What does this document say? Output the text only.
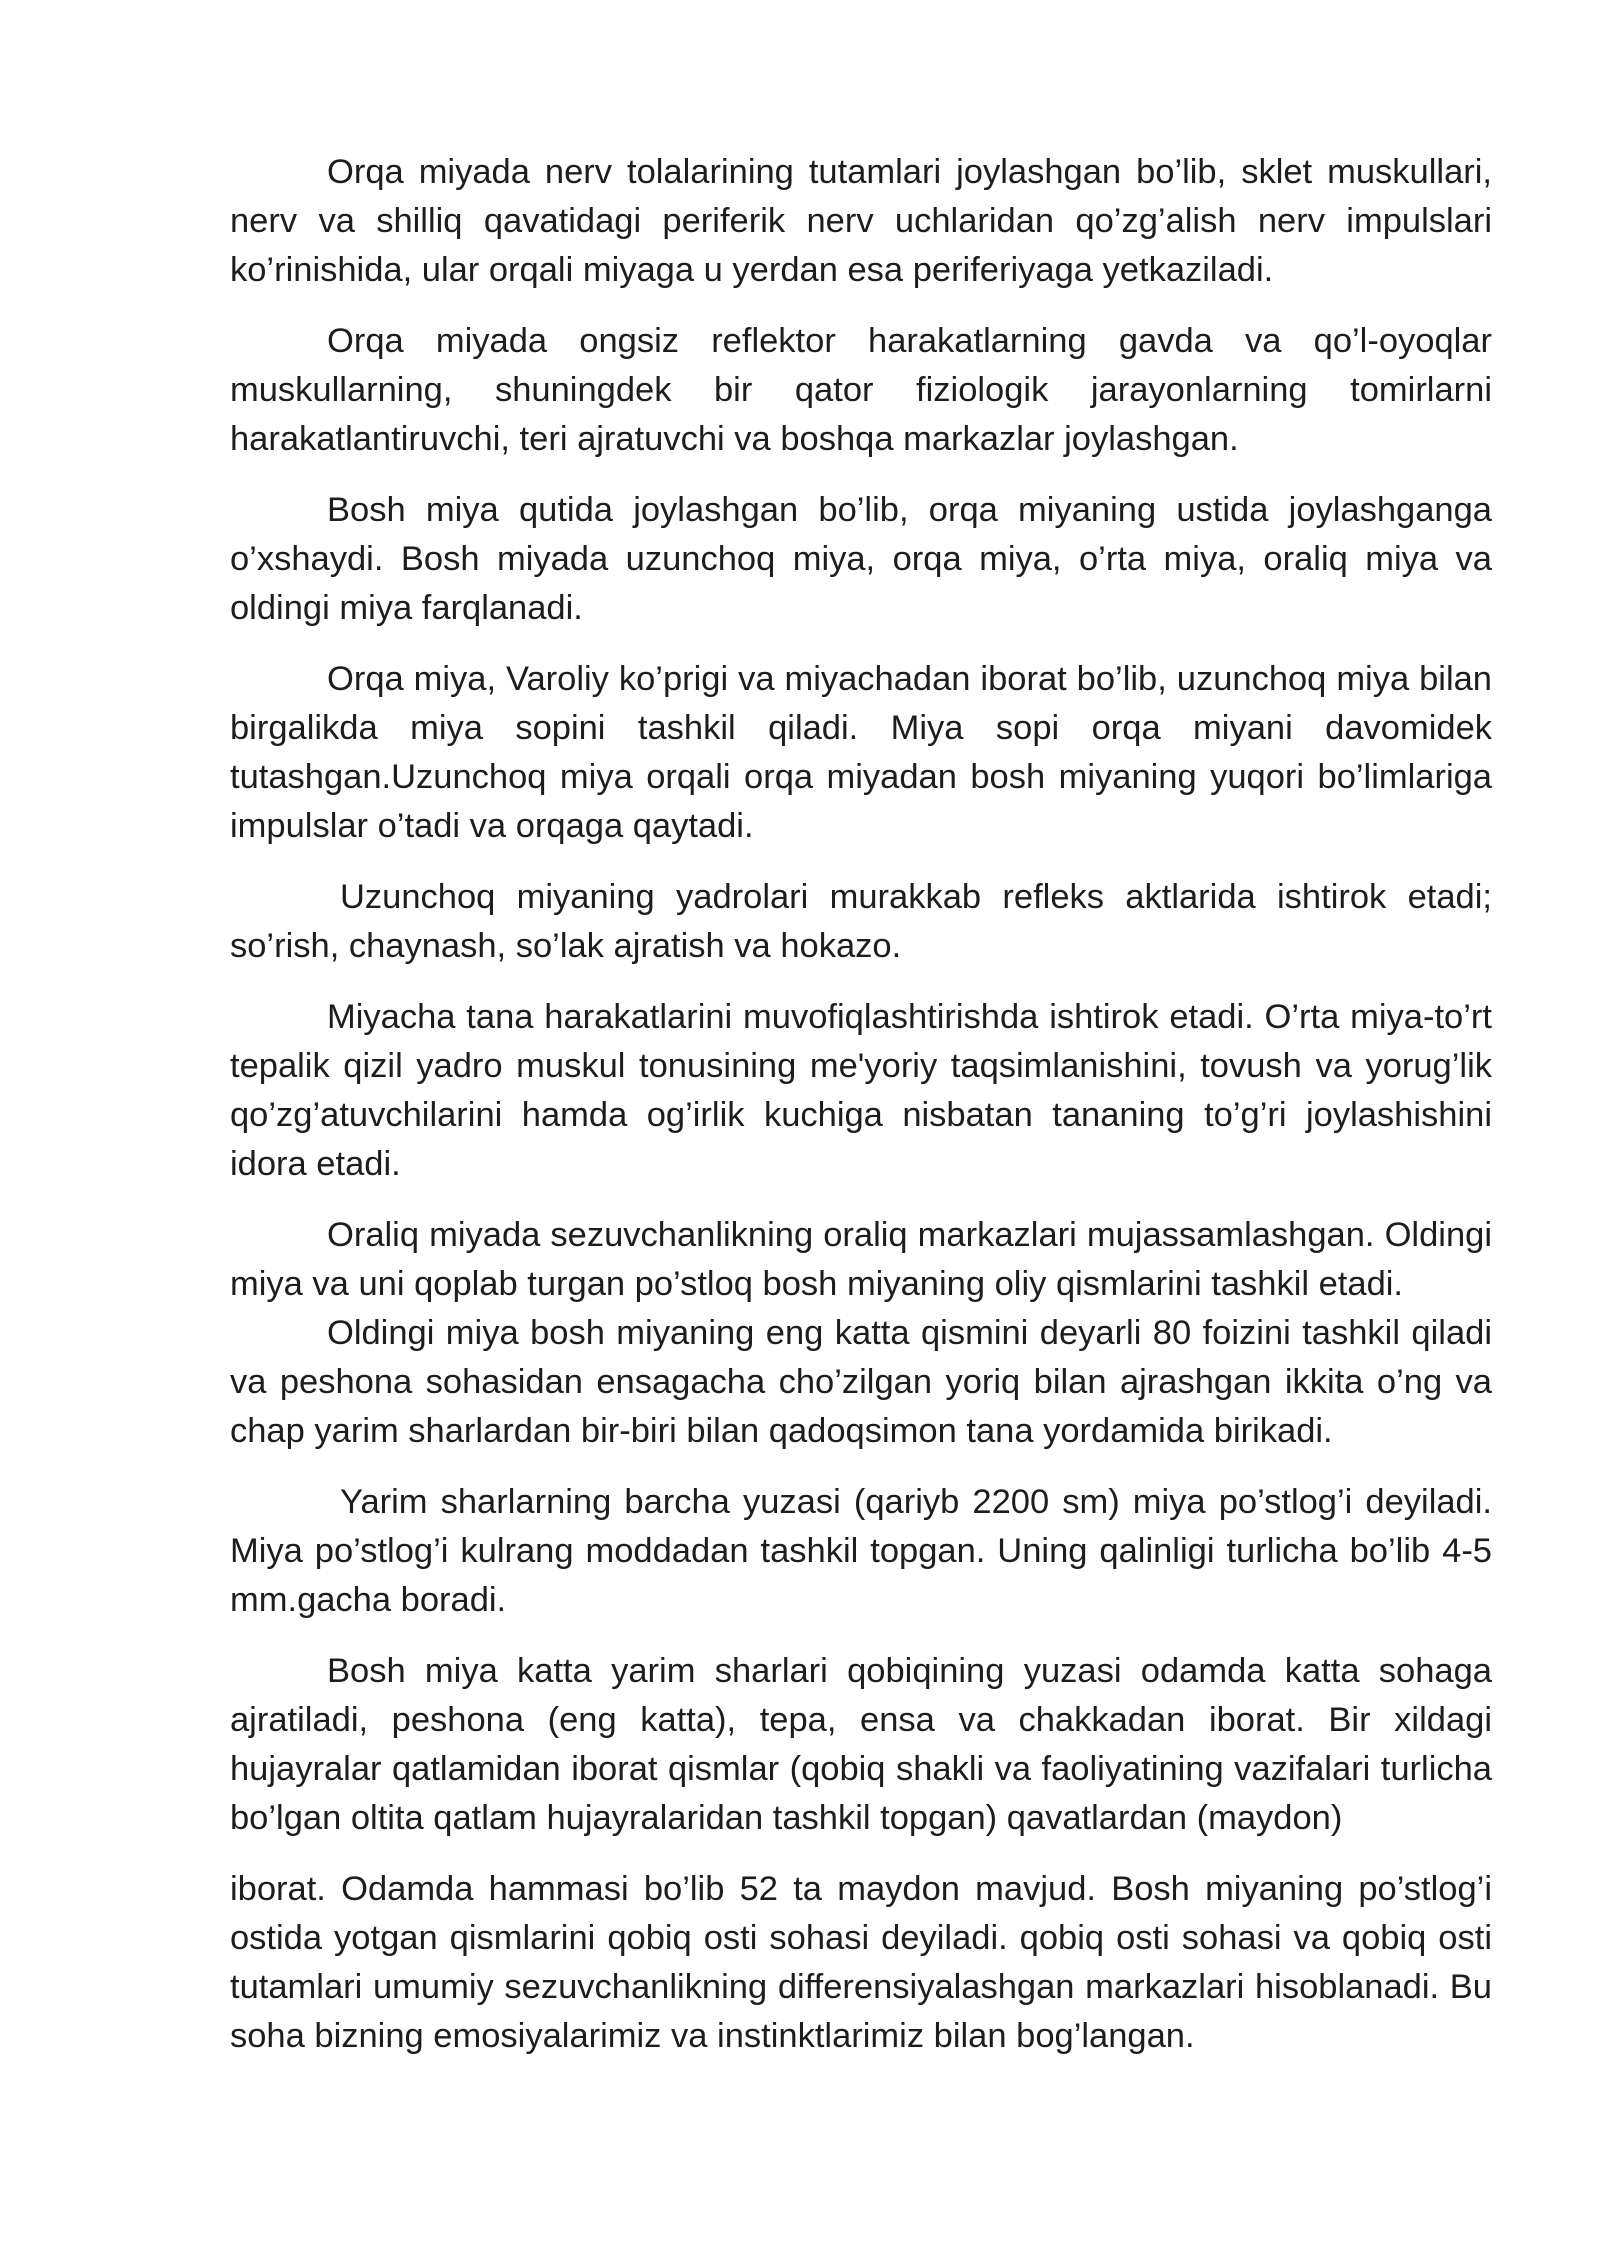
Orqa miyada nerv tolalarining tutamlari joylashgan bo’lib, sklet muskullari, nerv va shilliq qavatidagi periferik nerv uchlaridan qo’zg’alish nerv impulslari ko’rinishida, ular orqali miyaga u yerdan esa periferiyaga yetkaziladi.

Orqa miyada ongsiz reflektor harakatlarning gavda va qo’l-oyoqlar muskullarning, shuningdek bir qator fiziologik jarayonlarning tomirlarni harakatlantiruvchi, teri ajratuvchi va boshqa markazlar joylashgan.

Bosh miya qutida joylashgan bo’lib, orqa miyaning ustida joylashganga o’xshaydi. Bosh miyada uzunchoq miya, orqa miya, o’rta miya, oraliq miya va oldingi miya farqlanadi.

Orqa miya, Varoliy ko’prigi va miyachadan iborat bo’lib, uzunchoq miya bilan birgalikda miya sopini tashkil qiladi. Miya sopi orqa miyani davomidek tutashgan.Uzunchoq miya orqali orqa miyadan bosh miyaning yuqori bo’limlariga impulslar o’tadi va orqaga qaytadi.

Uzunchoq miyaning yadrolari murakkab refleks aktlarida ishtirok etadi; so’rish, chaynash, so’lak ajratish va hokazo.

Miyacha tana harakatlarini muvofiqlashtirishda ishtirok etadi. O’rta miya-to’rt tepalik qizil yadro muskul tonusining me'yoriy taqsimlanishini, tovush va yorug’lik qo’zg’atuvchilarini hamda og’irlik kuchiga nisbatan tananing to’g’ri joylashishini idora etadi.

Oraliq miyada sezuvchanlikning oraliq markazlari mujassamlashgan. Oldingi miya va uni qoplab turgan po’stloq bosh miyaning oliy qismlarini tashkil etadi.

Oldingi miya bosh miyaning eng katta qismini deyarli 80 foizini tashkil qiladi va peshona sohasidan ensagacha cho’zilgan yoriq bilan ajrashgan ikkita o’ng va chap yarim sharlardan bir-biri bilan qadoqsimon tana yordamida birikadi.

Yarim sharlarning barcha yuzasi (qariyb 2200 sm) miya po’stlog’i deyiladi. Miya po’stlog’i kulrang moddadan tashkil topgan. Uning qalinligi turlicha bo’lib 4-5 mm.gacha boradi.

Bosh miya katta yarim sharlari qobiqining yuzasi odamda katta sohaga ajratiladi, peshona (eng katta), tepa, ensa va chakkadan iborat. Bir xildagi hujayralar qatlamidan iborat qismlar (qobiq shakli va faoliyatining vazifalari turlicha bo’lgan oltita qatlam hujayralaridan tashkil topgan) qavatlardan (maydon)

iborat. Odamda hammasi bo’lib 52 ta maydon mavjud. Bosh miyaning po’stlog’i ostida yotgan qismlarini qobiq osti sohasi deyiladi. qobiq osti sohasi va qobiq osti tutamlari umumiy sezuvchanlikning differensiyalashgan markazlari hisoblanadi. Bu soha bizning emosiyalarimiz va instinktlarimiz bilan bog’langan.
